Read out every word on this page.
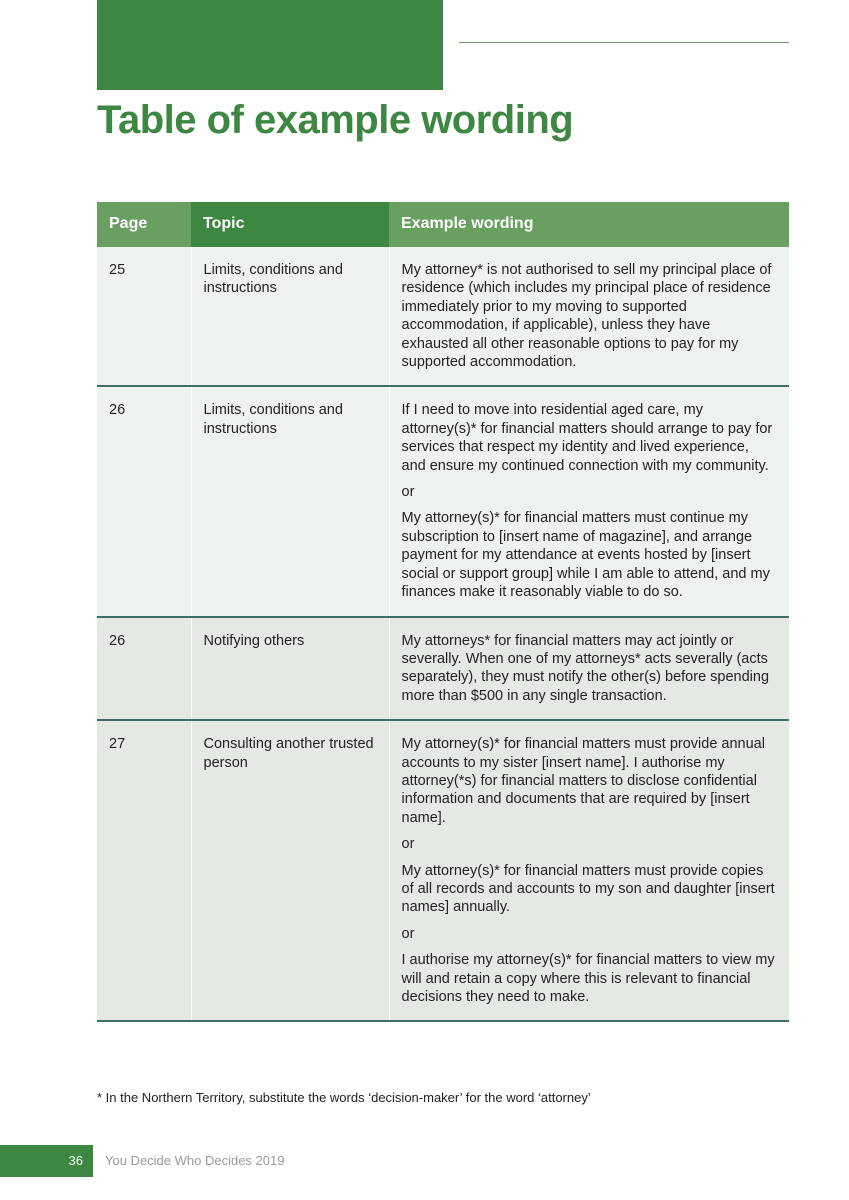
Table of example wording
Page	Topic	Example wording
25	Limits, conditions and instructions	My attorney* is not authorised to sell my principal place of residence (which includes my principal place of residence immediately prior to my moving to supported accommodation, if applicable), unless they have exhausted all other reasonable options to pay for my supported accommodation.

26	Limits, conditions and instructions	If I need to move into residential aged care, my attorney(s)* for financial matters should arrange to pay for services that respect my identity and lived experience, and ensure my continued connection with my community.

or

My attorney(s)* for financial matters must continue my subscription to [insert name of magazine], and arrange payment for my attendance at events hosted by [insert social or support group] while I am able to attend, and my finances make it reasonably viable to do so.

26	Notifying others	My attorneys* for financial matters may act jointly or severally. When one of my attorneys* acts severally (acts separately), they must notify the other(s) before spending more than $500 in any single transaction.

27	Consulting another trusted person	My attorney(s)* for financial matters must provide annual accounts to my sister [insert name]. I authorise my attorney(*s) for financial matters to disclose confidential information and documents that are required by [insert name].

or

My attorney(s)* for financial matters must provide copies of all records and accounts to my son and daughter [insert names] annually.

or

I authorise my attorney(s)* for financial matters to view my will and retain a copy where this is relevant to financial decisions they need to make.

* In the Northern Territory, substitute the words ‘decision-maker’ for the word ‘attorney’
36 You Decide Who Decides 2019
